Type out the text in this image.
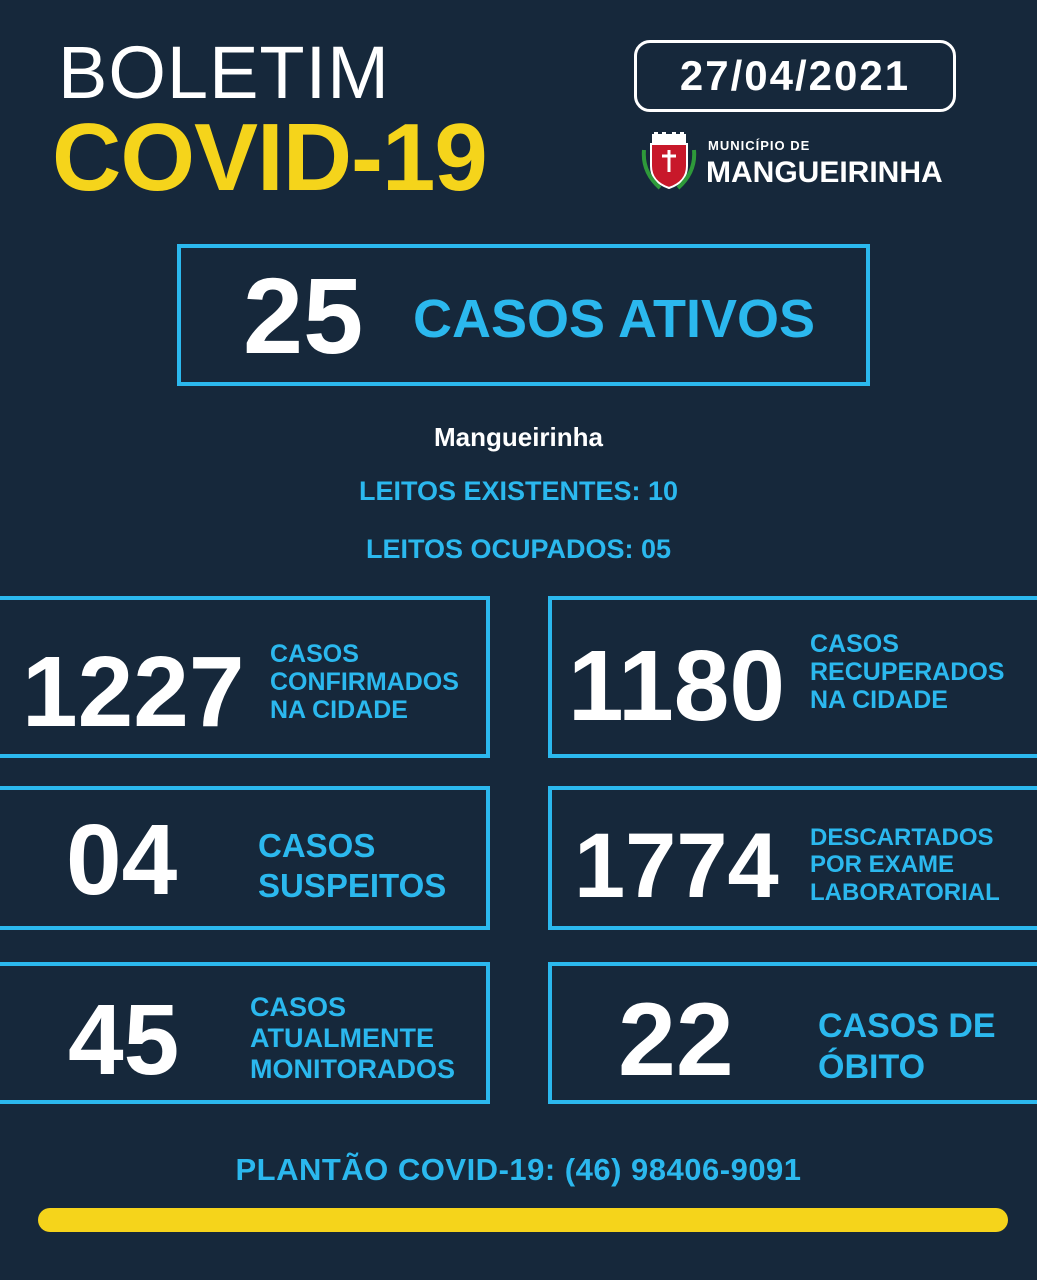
BOLETIM
COVID-19
27/04/2021
MUNICÍPIO DE
MANGUEIRINHA
25 CASOS ATIVOS
Mangueirinha
LEITOS EXISTENTES: 10
LEITOS OCUPADOS: 05
1227 CASOS
CONFIRMADOS
NA CIDADE	1180 CASOS
RECUPERADOS
NA CIDADE
04 CASOS
SUSPEITOS 1774 DESCARTADOS
POR EXAME
LABORATORIAL
45	CASOS
ATUALMENTE
MONITORADOS 22 CASOS DE
ÓBITO
PLANTÃO COVID-19: (46) 98406-9091
